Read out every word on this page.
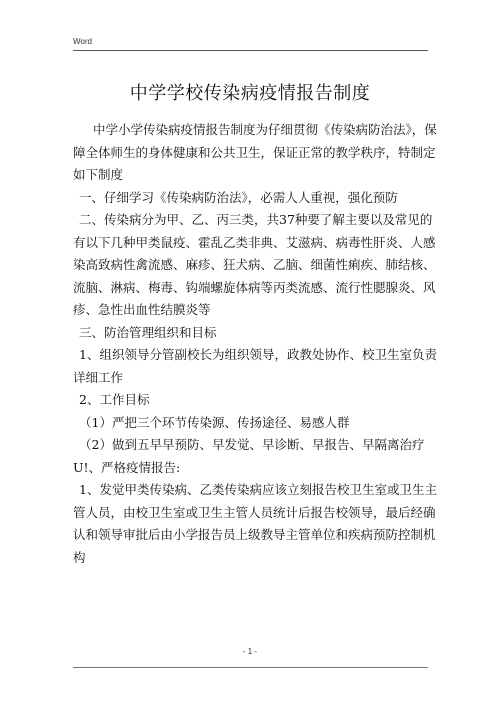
Word
中学学校传染病疫情报告制度
中学小学传染病疫情报告制度为仔细贯彻《传染病防治法》，保
障全体师生的身体健康和公共卫生，保证正常的教学秩序，特制定
如下制度
一、仔细学习《传染病防治法》，必需人人重视，强化预防
二、传染病分为甲、乙、丙三类，共37种要了解主要以及常见的
有以下几种甲类鼠疫、霍乱乙类非典、艾滋病、病毒性肝炎、人感
染高致病性禽流感、麻疹、狂犬病、乙脑、细菌性痢疾、肺结核、
流脑、淋病、梅毒、钩端螺旋体病等丙类流感、流行性腮腺炎、风
疹、急性出血性结膜炎等
三、防治管理组织和目标
1、组织领导分管副校长为组织领导，政教处协作、校卫生室负责
详细工作
2、工作目标
（1）严把三个环节传染源、传扬途径、易感人群
（2）做到五早早预防、早发觉、早诊断、早报告、早隔离治疗
U!、严格疫情报告:
1、发觉甲类传染病、乙类传染病应该立刻报告校卫生室或卫生主
管人员，由校卫生室或卫生主管人员统计后报告校领导，最后经确
认和领导审批后由小学报告员上级教导主管单位和疾病预防控制机
构
- 1 -
